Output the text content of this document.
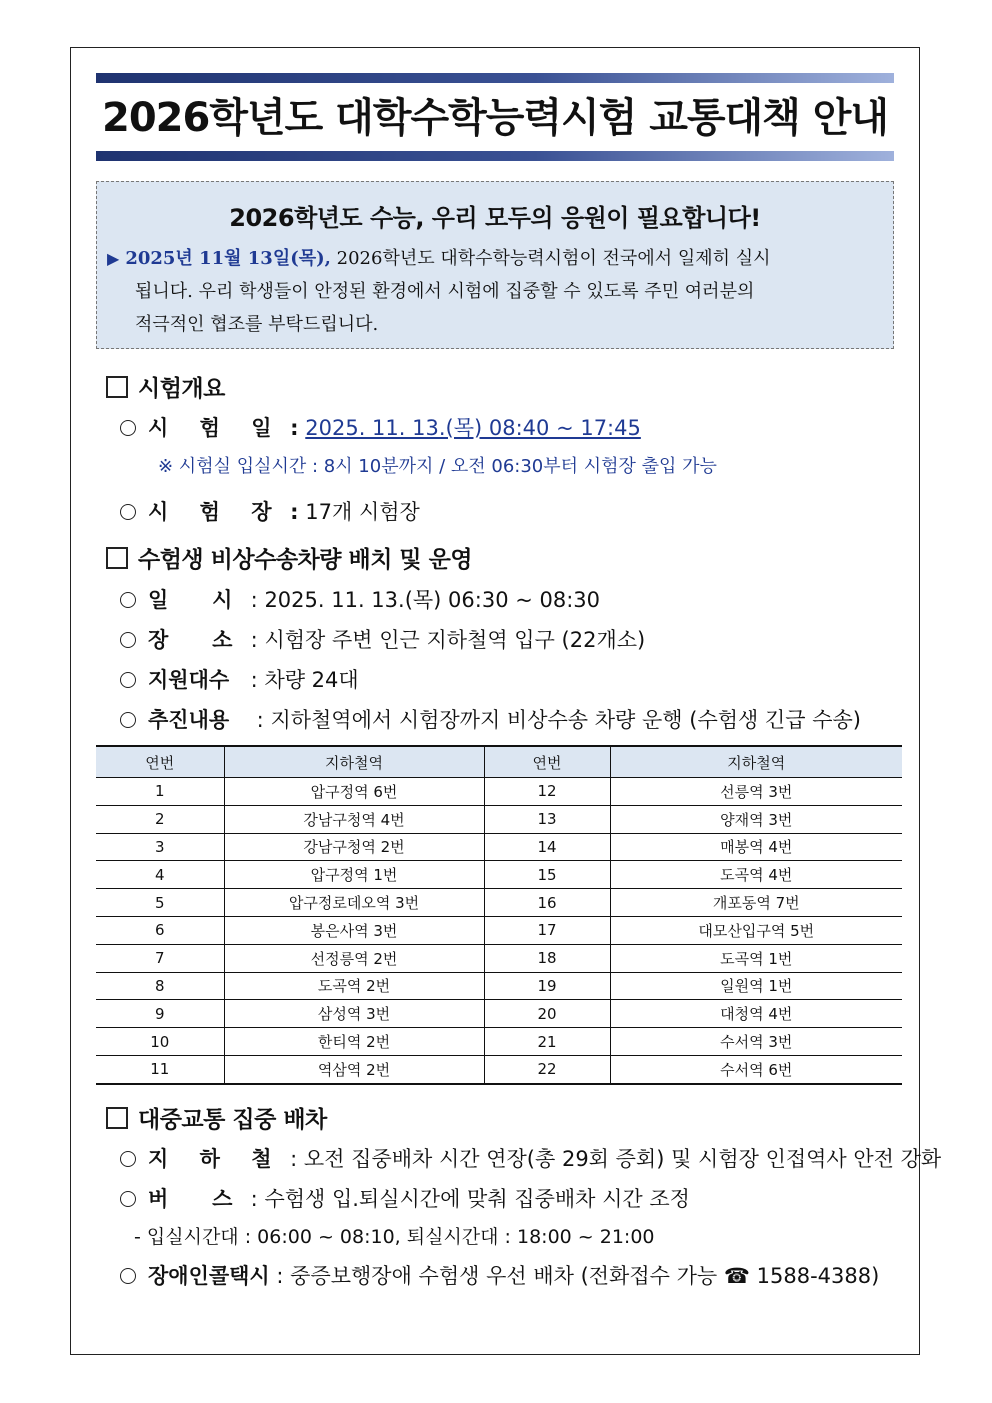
2026학년도 대학수학능력시험 교통대책 안내
2026학년도 수능, 우리 모두의 응원이 필요합니다!
▶ 2025년 11월 13일(목), 2026학년도 대학수학능력시험이 전국에서 일제히 실시
됩니다. 우리 학생들이 안정된 환경에서 시험에 집중할 수 있도록 주민 여러분의
적극적인 협조를 부탁드립니다.
시험개요
시 험 일 : 2025. 11. 13.(목) 08:40 ~ 17:45
※ 시험실 입실시간 : 8시 10분까지 / 오전 06:30부터 시험장 출입 가능
시 험 장 : 17개 시험장
수험생 비상수송차량 배치 및 운영
일      시 : 2025. 11. 13.(목) 06:30 ~ 08:30
장      소 : 시험장 주변 인근 지하철역 입구 (22개소)
지원대수 : 차량 24대
추진내용 : 지하철역에서 시험장까지 비상수송 차량 운행 (수험생 긴급 수송)
연번	지하철역	연번	지하철역
1	압구정역 6번	12	선릉역 3번
2	강남구청역 4번	13	양재역 3번
3	강남구청역 2번	14	매봉역 4번
4	압구정역 1번	15	도곡역 4번
5	압구정로데오역 3번	16	개포동역 7번
6	봉은사역 3번	17	대모산입구역 5번
7	선정릉역 2번	18	도곡역 1번
8	도곡역 2번	19	일원역 1번
9	삼성역 3번	20	대청역 4번
10	한티역 2번	21	수서역 3번
11	역삼역 2번	22	수서역 6번
대중교통 집중 배차
지 하 철 : 오전 집중배차 시간 연장(총 29회 증회) 및 시험장 인접역사 안전 강화
버      스 : 수험생 입.퇴실시간에 맞춰 집중배차 시간 조정
- 입실시간대 : 06:00 ~ 08:10, 퇴실시간대 : 18:00 ~ 21:00
장애인콜택시 : 중증보행장애 수험생 우선 배차 (전화접수 가능 ☎ 1588-4388)
